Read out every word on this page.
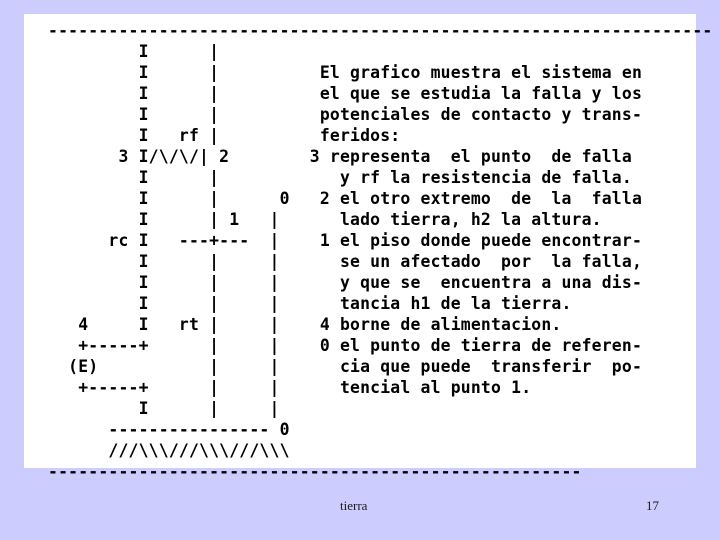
------------------------------------------------------------------
I      |
I      |          El grafico muestra el sistema en
I      |          el que se estudia la falla y los
I      |          potenciales de contacto y trans-
I   rf |          feridos:
3 I/\/\/| 2        3 representa  el punto  de falla
I      |            y rf la resistencia de falla.
I      |      0   2 el otro extremo  de  la  falla
I      | 1   |      lado tierra, h2 la altura.
rc I   ---+---  |    1 el piso donde puede encontrar-
I      |     |      se un afectado  por  la falla,
I      |     |      y que se  encuentra a una dis-
I      |     |      tancia h1 de la tierra.
4     I   rt |     |    4 borne de alimentacion.
+-----+      |     |    0 el punto de tierra de referen-
(E)           |     |      cia que puede  transferir  po-
+-----+      |     |      tencial al punto 1.
I      |     |
---------------- 0
///\\\///\\\///\\\
-----------------------------------------------------
tierra	17
